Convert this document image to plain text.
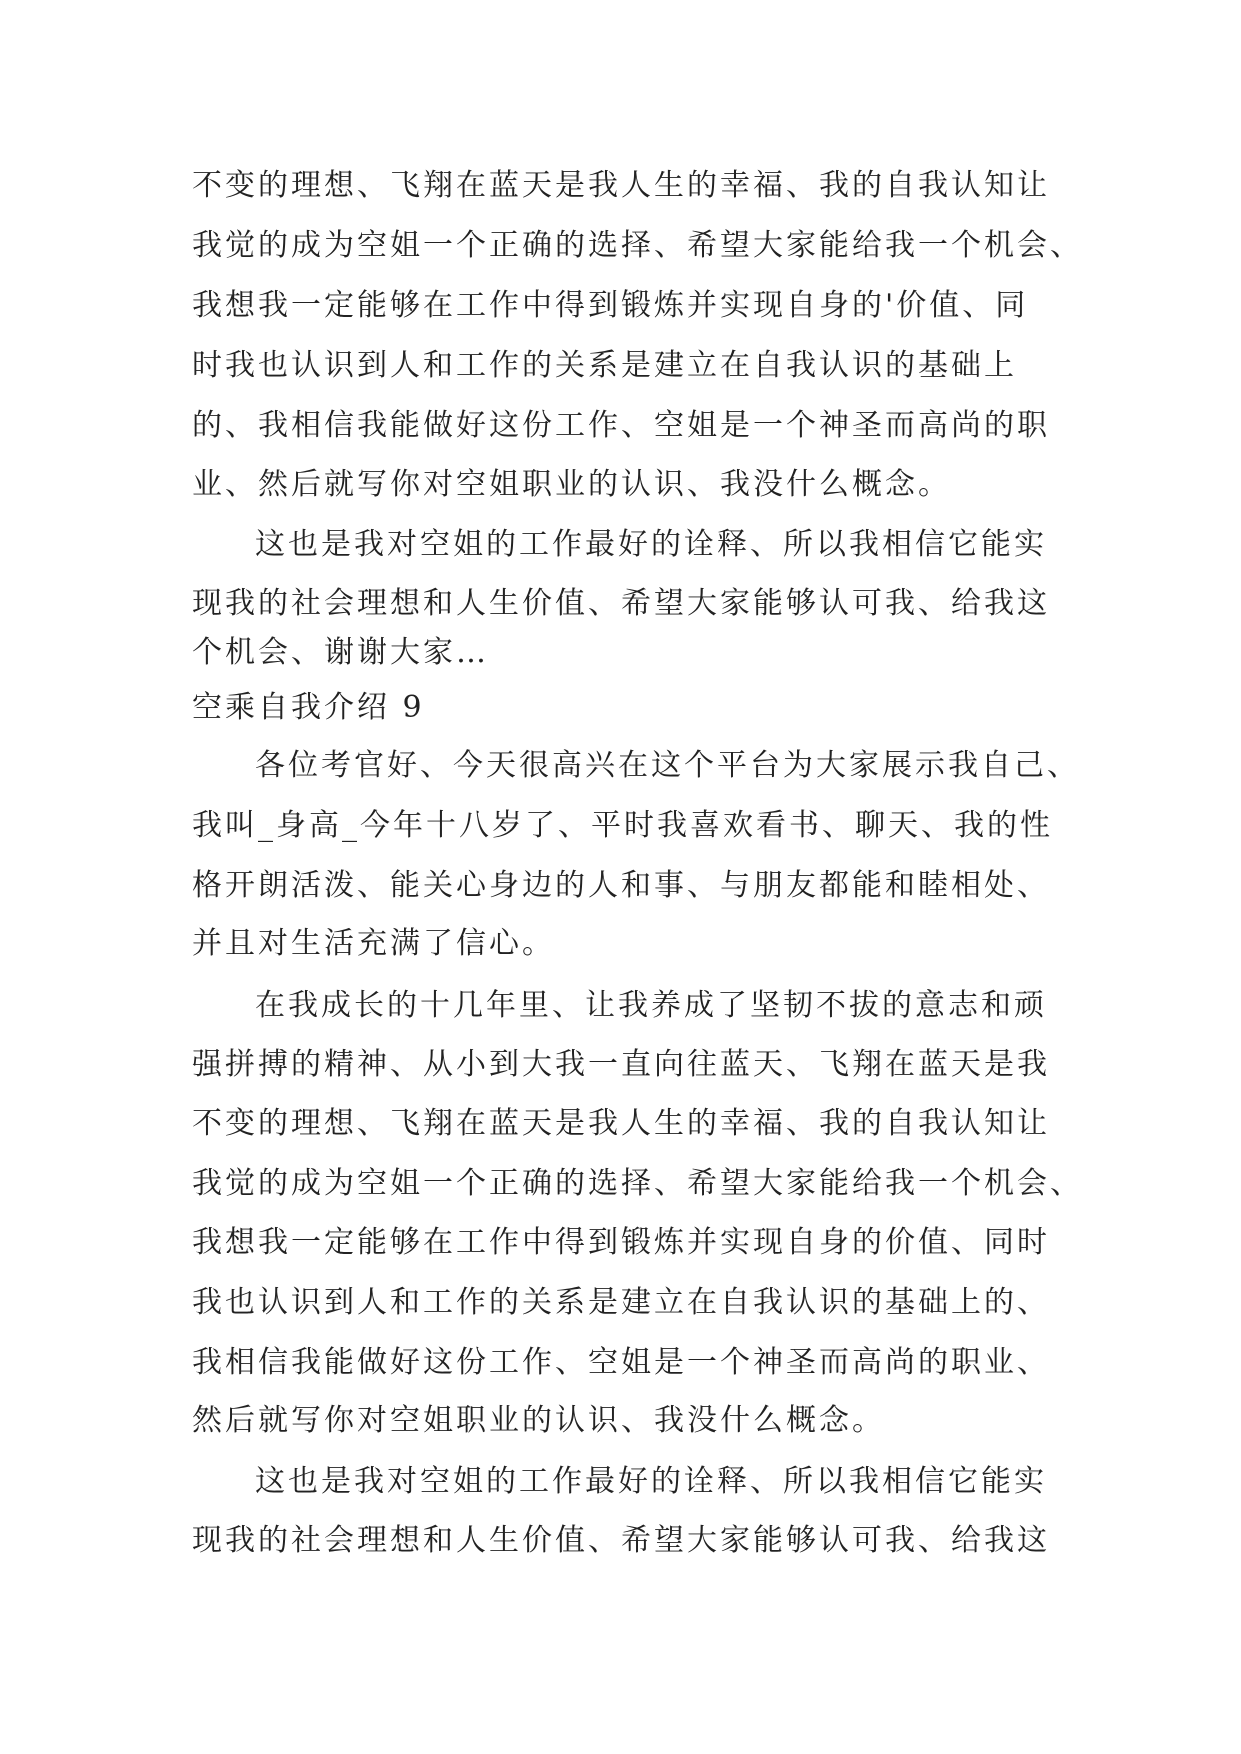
不变的理想、飞翔在蓝天是我人生的幸福、我的自我认知让
我觉的成为空姐一个正确的选择、希望大家能给我一个机会、
我想我一定能够在工作中得到锻炼并实现自身的'价值、同
时我也认识到人和工作的关系是建立在自我认识的基础上
的、我相信我能做好这份工作、空姐是一个神圣而高尚的职
业、然后就写你对空姐职业的认识、我没什么概念。
这也是我对空姐的工作最好的诠释、所以我相信它能实
现我的社会理想和人生价值、希望大家能够认可我、给我这
个机会、谢谢大家…
空乘自我介绍 9
各位考官好、今天很高兴在这个平台为大家展示我自己、
我叫_身高_今年十八岁了、平时我喜欢看书、聊天、我的性
格开朗活泼、能关心身边的人和事、与朋友都能和睦相处、
并且对生活充满了信心。
在我成长的十几年里、让我养成了坚韧不拔的意志和顽
强拼搏的精神、从小到大我一直向往蓝天、飞翔在蓝天是我
不变的理想、飞翔在蓝天是我人生的幸福、我的自我认知让
我觉的成为空姐一个正确的选择、希望大家能给我一个机会、
我想我一定能够在工作中得到锻炼并实现自身的价值、同时
我也认识到人和工作的关系是建立在自我认识的基础上的、
我相信我能做好这份工作、空姐是一个神圣而高尚的职业、
然后就写你对空姐职业的认识、我没什么概念。
这也是我对空姐的工作最好的诠释、所以我相信它能实
现我的社会理想和人生价值、希望大家能够认可我、给我这
